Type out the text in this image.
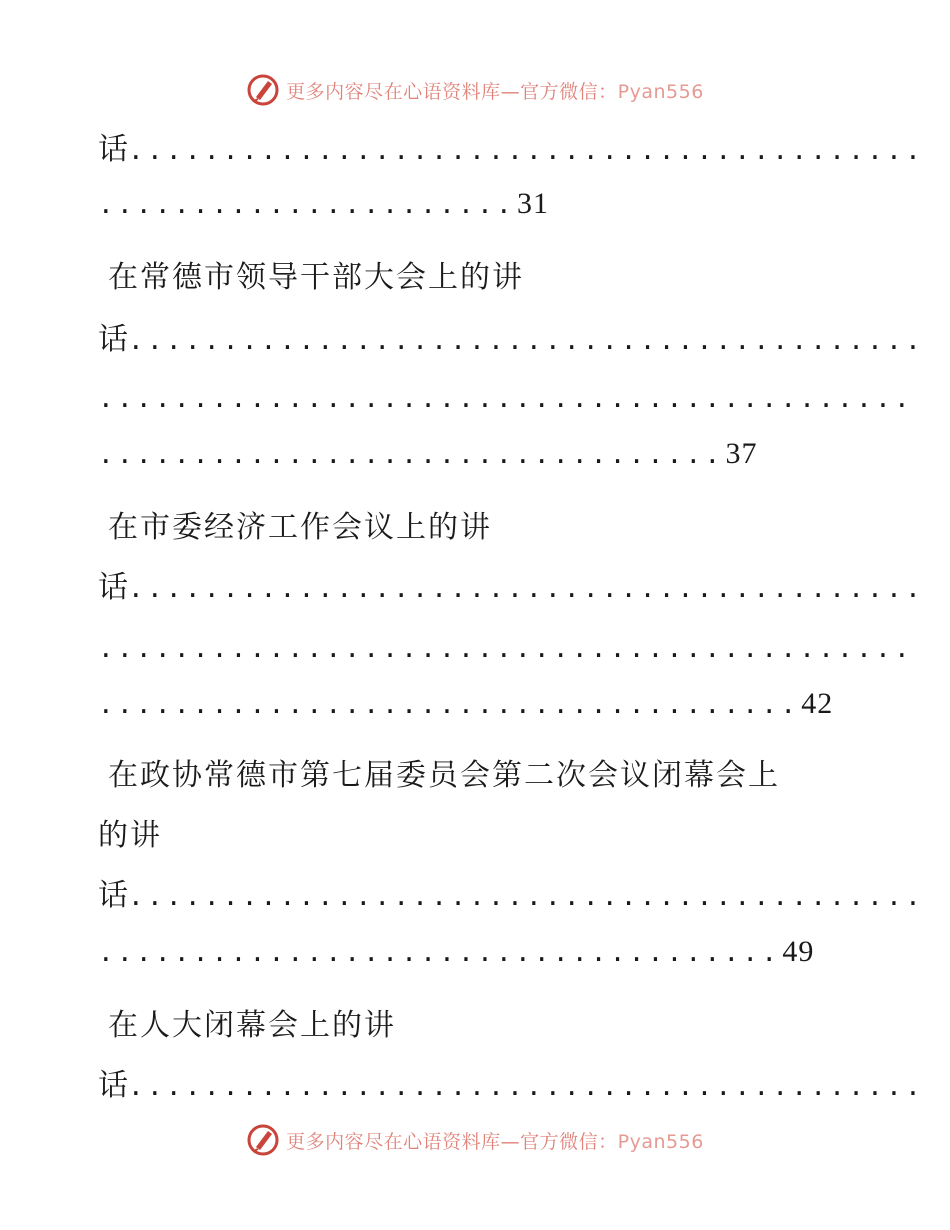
更多内容尽在心语资料库—官方微信：Pyan556
话..........................................
......................31
在常德市领导干部大会上的讲
话..........................................
...........................................
.................................37
在市委经济工作会议上的讲
话..........................................
...........................................
.....................................42
在政协常德市第七届委员会第二次会议闭幕会上
的讲
话..........................................
....................................49
在人大闭幕会上的讲
话..........................................
更多内容尽在心语资料库—官方微信：Pyan556
